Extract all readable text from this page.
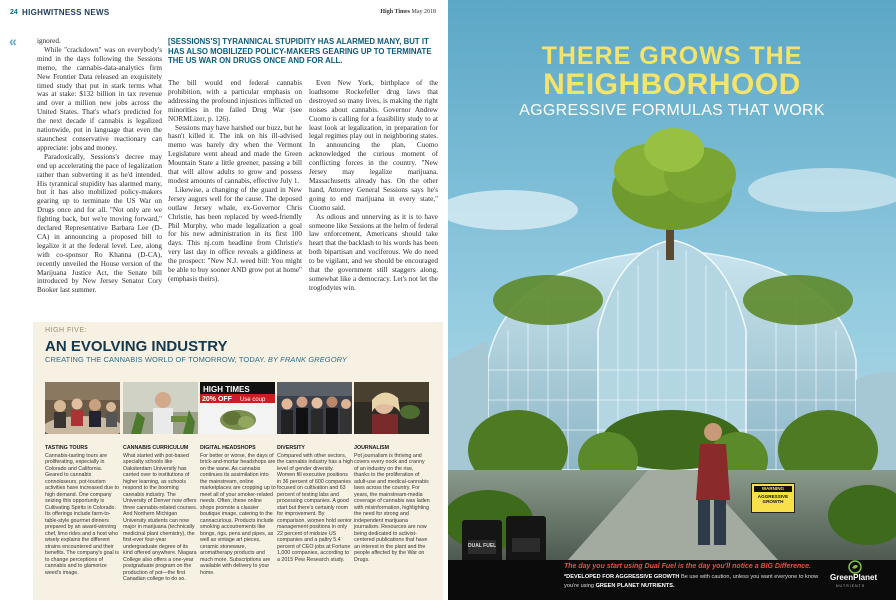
24 HIGHWITNESS NEWS	High Times May 2018
«	ignored.

While "crackdown" was on everybody's mind in the days following the Sessions memo, the cannabis-data-analytics firm New Frontier Data released an exquisitely timed study that put in stark terms what was at stake: $132 billion in tax revenue and over a million new jobs across the United States. That's what's predicted for the next decade if cannabis is legalized nationwide, put in language that even the staunchest conservative reactionary can appreciate: jobs and money.

Paradoxically, Sessions's decree may end up accelerating the pace of legalization rather than subverting it as he'd intended. His tyrannical stupidity has alarmed many, but it has also mobilized policy-makers gearing up to terminate the US War on Drugs once and for all. "Not only are we fighting back, but we're moving forward," declared Representative Barbara Lee (D-CA) in announcing a proposed bill to legalize it at the federal level. Lee, along with co-sponsor Ro Khanna (D-CA), recently unveiled the House version of the Marijuana Justice Act, the Senate bill introduced by New Jersey Senator Cory Booker last summer.

[SESSIONS'S] TYRANNICAL STUPIDITY HAS ALARMED MANY, BUT IT HAS ALSO MOBILIZED POLICY-MAKERS GEARING UP TO TERMINATE THE US WAR ON DRUGS ONCE AND FOR ALL.

The bill would end federal cannabis prohibition, with a particular emphasis on addressing the profound injustices inflicted on minorities in the failed Drug War (see NORMLizer, p. 126).

Sessions may have harshed our buzz, but he hasn't killed it. The ink on his ill-advised memo was barely dry when the Vermont Legislature went ahead and made the Green Mountain State a little greener, passing a bill that will allow adults to grow and possess modest amounts of cannabis, effective July 1.

Likewise, a changing of the guard in New Jersey augurs well for the cause. The deposed outlaw Jersey whale, ex-Governor Chris Christie, has been replaced by weed-friendly Phil Murphy, who made legalization a goal for his new administration in its first 100 days. This nj.com headline from Christie's very last day in office reveals a giddiness at the prospect: "New N.J. weed bill: You might be able to buy sooner AND grow pot at home" (emphasis theirs).

Even New York, birthplace of the loathsome Rockefeller drug laws that destroyed so many lives, is making the right noises about cannabis. Governor Andrew Cuomo is calling for a feasibility study to at least look at legalization, in preparation for legal regimes play out in neighboring states. In announcing the plan, Cuomo acknowledged the curious moment of conflicting forces in the country. "New Jersey may legalize marijuana. Massachusetts already has. On the other hand, Attorney General Sessions says he's going to end marijuana in every state," Cuomo said.

As odious and unnerving as it is to have someone like Sessions at the helm of federal law enforcement, Americans should take heart that the backlash to his words has been both bipartisan and vociferous. We do need to be vigilant, and we should be encouraged that the government still staggers along, somewhat like a democracy. Let's not let the troglodytes win.

HIGH FIVE:
AN EVOLVING INDUSTRY
CREATING THE CANNABIS WORLD OF TOMORROW, TODAY. BY FRANK GREGORY
HIGH TIMES
20% OFF Use coup
TASTING TOURS
Cannabis-tasting tours are proliferating, especially in Colorado and California. Geared to cannabis connoisseurs, pot-tourism activities have increased due to high demand. One company seizing this opportunity is Cultivating Spirits in Colorado. Its offerings include farm-to-table-style gourmet dinners prepared by an award-winning chef, limo rides and a host who wisely explains the different strains encountered and their benefits. The company's goal is to change perceptions of cannabis and to glamorize weed's image.
CANNABIS CURRICULUM
What started with pot-based specialty schools like Oaksterdam University has carried over to institutions of higher learning, as schools respond to the booming cannabis industry. The University of Denver now offers three cannabis-related courses. And Northern Michigan University students can now major in marijuana (technically medicinal plant chemistry), the first-ever four-year undergraduate degree of its kind offered anywhere. Niagara College also offers a one-year postgraduate program on the production of pot—the first Canadian college to do so.
DIGITAL HEADSHOPS
For better or worse, the days of brick-and-mortar headshops are on the wane. As cannabis continues its assimilation into the mainstream, online marketplaces are cropping up to meet all of your smoker-related needs. Often, these online shops promote a classier boutique image, catering to the cannacurious. Products include smoking accoutrements like bongs, rigs, pens and pipes, as well as vintage art pieces, ceramic stoneware, aromatherapy products and much more. Subscriptions are available with delivery to your home.
DIVERSITY
Compared with other sectors, the cannabis industry has a high level of gender diversity. Women fill executive positions in 36 percent of 600 companies focused on cultivation and 63 percent of testing labs and processing companies. A good start but there's certainly room for improvement. By comparison, women hold senior management positions in only 22 percent of midsize US companies and a paltry 5.4 percent of CEO jobs at Fortune 1,000 companies, according to a 2015 Pew Research study.
JOURNALISM
Pot journalism is thriving and covers every nook and cranny of an industry on the rise, thanks to the proliferation of adult-use and medical-cannabis laws across the country. For years, the mainstream-media coverage of cannabis was laden with misinformation, highlighting the need for strong and independent marijuana journalism. Resources are now being dedicated to activist-centered publications that have an interest in the plant and the people affected by the War on Drugs.
THERE GROWS THE
NEIGHBORHOOD
AGGRESSIVE FORMULAS THAT WORK
WARNING
AGGRESSIVE GROWTH
DUAL FUEL
The day you start using Dual Fuel is the day you'll notice a BIG Difference.
*DEVELOPED FOR AGGRESSIVE GROWTH Be use with caution, unless you want everyone to know
you're using GREEN PLANET NUTRIENTS.
GreenPlanet
NUTRIENTS
